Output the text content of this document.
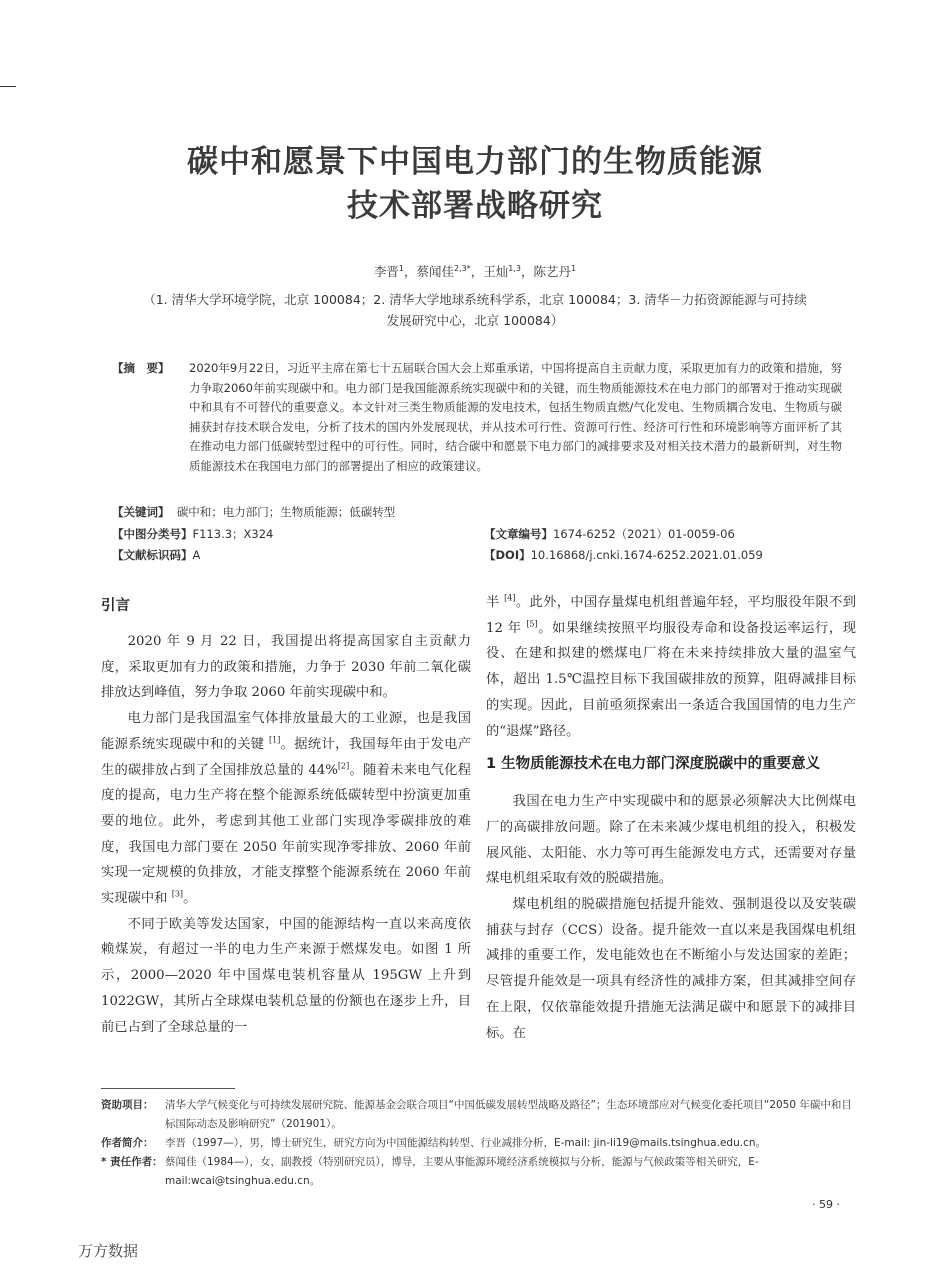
碳中和愿景下中国电力部门的生物质能源
技术部署战略研究
李晋$^1$，蔡闻佳$^{2,3*}$，王灿$^{1,3}$，陈艺丹$^1$
（1. 清华大学环境学院，北京 100084；2. 清华大学地球系统科学系，北京 100084；3. 清华－力拓资源能源与可持续
发展研究中心，北京 100084）
【摘　要】 2020年9月22日，习近平主席在第七十五届联合国大会上郑重承诺，中国将提高自主贡献力度，采取更加有力的政策和措施，努力争取2060年前实现碳中和。电力部门是我国能源系统实现碳中和的关键，而生物质能源技术在电力部门的部署对于推动实现碳中和具有不可替代的重要意义。本文针对三类生物质能源的发电技术，包括生物质直燃/气化发电、生物质耦合发电、生物质与碳捕获封存技术联合发电，分析了技术的国内外发展现状，并从技术可行性、资源可行性、经济可行性和环境影响等方面评析了其在推动电力部门低碳转型过程中的可行性。同时，结合碳中和愿景下电力部门的减排要求及对相关技术潜力的最新研判，对生物质能源技术在我国电力部门的部署提出了相应的政策建议。
【关键词】 碳中和；电力部门；生物质能源；低碳转型
【中图分类号】F113.3；X324
【文献标识码】A
【文章编号】1674-6252（2021）01-0059-06
【DOI】10.16868/j.cnki.1674-6252.2021.01.059
引言

2020 年 9 月 22 日，我国提出将提高国家自主贡献力度，采取更加有力的政策和措施，力争于 2030 年前二氧化碳排放达到峰值，努力争取 2060 年前实现碳中和。

电力部门是我国温室气体排放量最大的工业源，也是我国能源系统实现碳中和的关键 [1]。据统计，我国每年由于发电产生的碳排放占到了全国排放总量的 44%[2]。随着未来电气化程度的提高，电力生产将在整个能源系统低碳转型中扮演更加重要的地位。此外，考虑到其他工业部门实现净零碳排放的难度，我国电力部门要在 2050 年前实现净零排放、2060 年前实现一定规模的负排放，才能支撑整个能源系统在 2060 年前实现碳中和 [3]。

不同于欧美等发达国家，中国的能源结构一直以来高度依赖煤炭，有超过一半的电力生产来源于燃煤发电。如图 1 所示，2000—2020 年中国煤电装机容量从 195GW 上升到 1022GW，其所占全球煤电装机总量的份额也在逐步上升，目前已占到了全球总量的一

半 [4]。此外，中国存量煤电机组普遍年轻，平均服役年限不到 12 年 [5]。如果继续按照平均服役寿命和设备投运率运行，现役、在建和拟建的燃煤电厂将在未来持续排放大量的温室气体，超出 1.5℃温控目标下我国碳排放的预算，阻碍减排目标的实现。因此，目前亟须探索出一条适合我国国情的电力生产的“退煤”路径。

1 生物质能源技术在电力部门深度脱碳中的重要意义

我国在电力生产中实现碳中和的愿景必须解决大比例煤电厂的高碳排放问题。除了在未来减少煤电机组的投入，积极发展风能、太阳能、水力等可再生能源发电方式，还需要对存量煤电机组采取有效的脱碳措施。

煤电机组的脱碳措施包括提升能效、强制退役以及安装碳捕获与封存（CCS）设备。提升能效一直以来是我国煤电机组减排的重要工作，发电能效也在不断缩小与发达国家的差距；尽管提升能效是一项具有经济性的减排方案，但其减排空间存在上限，仅依靠能效提升措施无法满足碳中和愿景下的减排目标。在

资助项目： 清华大学气候变化与可持续发展研究院、能源基金会联合项目“中国低碳发展转型战略及路径”；生态环境部应对气候变化委托项目“2050 年碳中和目标国际动态及影响研究”（201901）。
作者简介： 李晋（1997—），男，博士研究生，研究方向为中国能源结构转型、行业减排分析，E-mail: jin-li19@mails.tsinghua.edu.cn。
* 责任作者： 蔡闻佳（1984—），女，副教授（特别研究员），博导，主要从事能源环境经济系统模拟与分析，能源与气候政策等相关研究，E-mail:wcai@tsinghua.edu.cn。
· 59 ·
万方数据
